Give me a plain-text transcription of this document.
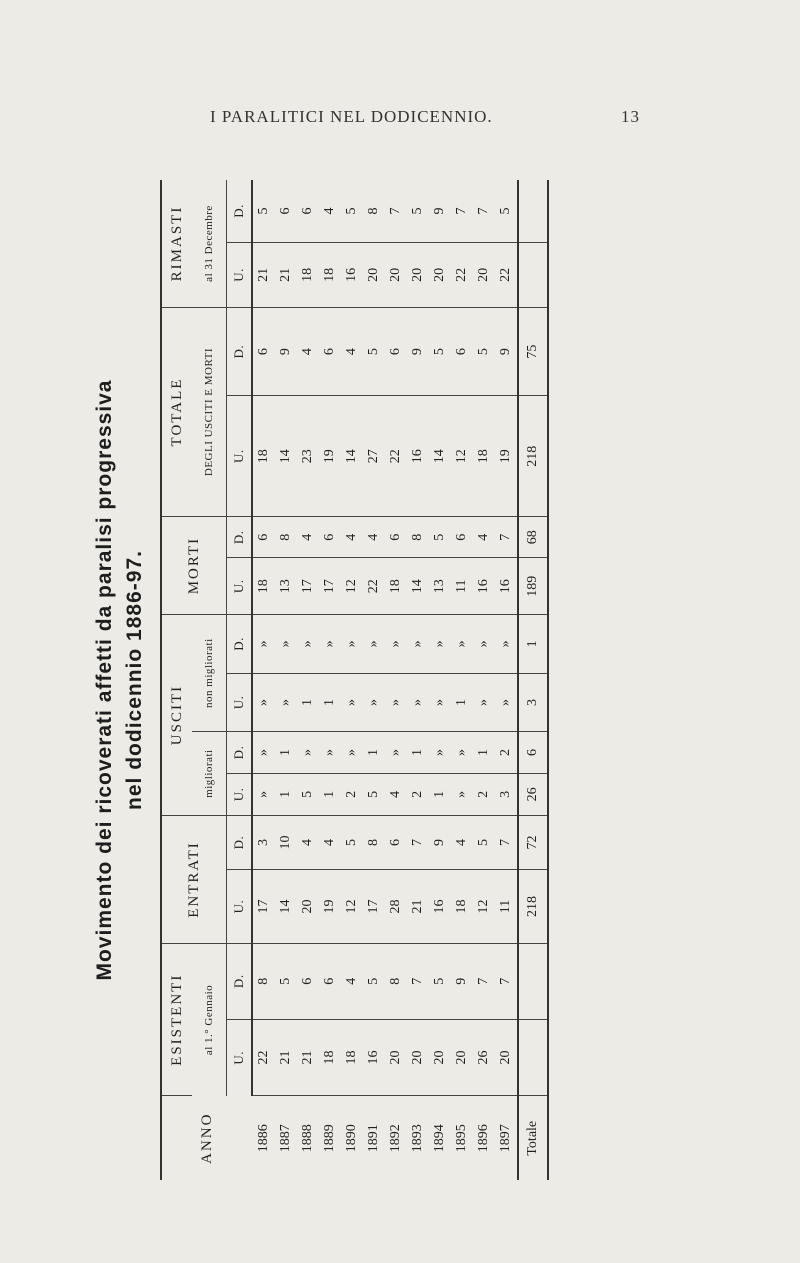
I PARALITICI NEL DODICENNIO.	13
Movimento dei ricoverati affetti da paralisi progressiva nel dodicennio 1886-97.
ANNO	ESISTENTI		ENTRATI		USCITI				MORTI		TOTALE		RIMASTI	
	al 1.° Gennaio				migliorati		non migliorati				DEGLI USCITI E MORTI		al 31 Decembre	
	U.	D.	U.	D.	U.	D.	U.	D.	U.	D.	U.	D.	U.	D.
1886	22	8	17	3	»	»	»	»	18	6	18	6	21	5
1887	21	5	14	10	1	1	»	»	13	8	14	9	21	6
1888	21	6	20	4	5	»	1	»	17	4	23	4	18	6
1889	18	6	19	4	1	»	1	»	17	6	19	6	18	4
1890	18	4	12	5	2	»	»	»	12	4	14	4	16	5
1891	16	5	17	8	5	1	»	»	22	4	27	5	20	8
1892	20	8	28	6	4	»	»	»	18	6	22	6	20	7
1893	20	7	21	7	2	1	»	»	14	8	16	9	20	5
1894	20	5	16	9	1	»	»	»	13	5	14	5	20	9
1895	20	9	18	4	»	»	1	»	11	6	12	6	22	7
1896	26	7	12	5	2	1	»	»	16	4	18	5	20	7
1897	20	7	11	7	3	2	»	»	16	7	19	9	22	5
Totale			218	72	26	6	3	1	189	68	218	75		
